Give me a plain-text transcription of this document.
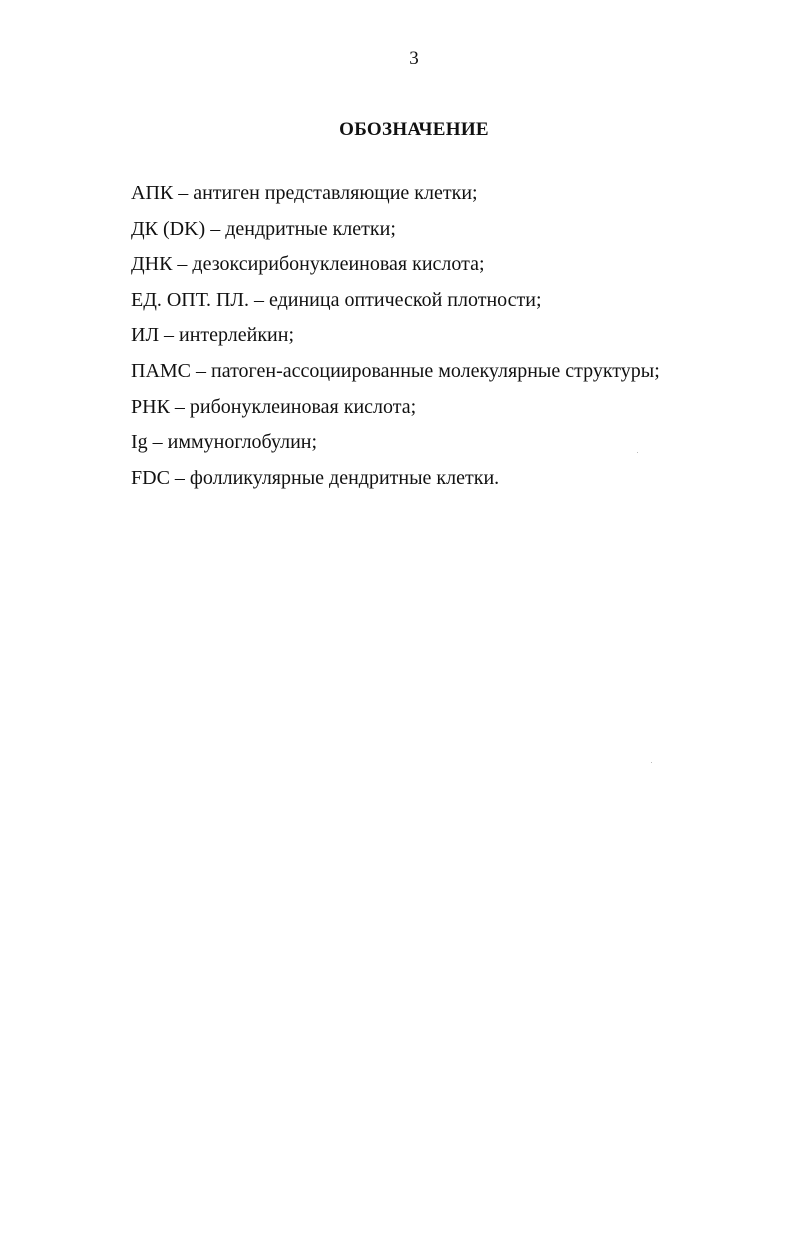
3
ОБОЗНАЧЕНИЕ
АПК – антиген представляющие клетки;
ДК (DK) – дендритные клетки;
ДНК – дезоксирибонуклеиновая кислота;
ЕД. ОПТ. ПЛ. – единица оптической плотности;
ИЛ – интерлейкин;
ПАМС – патоген-ассоциированные молекулярные структуры;
РНК – рибонуклеиновая кислота;
Ig – иммуноглобулин;
FDC – фолликулярные дендритные клетки.
